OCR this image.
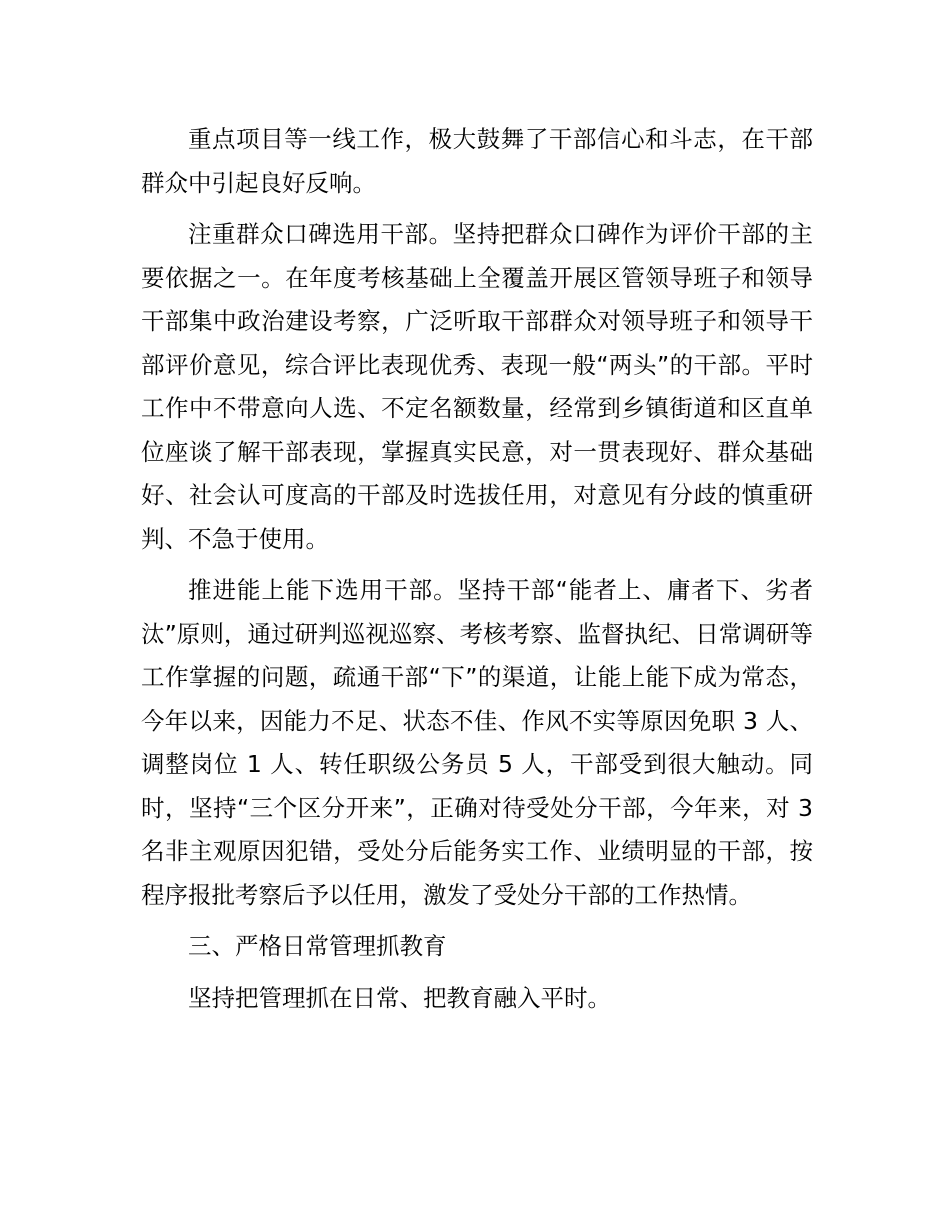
重点项目等一线工作，极大鼓舞了干部信心和斗志，在干部群众中引起良好反响。

注重群众口碑选用干部。坚持把群众口碑作为评价干部的主要依据之一。在年度考核基础上全覆盖开展区管领导班子和领导干部集中政治建设考察，广泛听取干部群众对领导班子和领导干部评价意见，综合评比表现优秀、表现一般“两头”的干部。平时工作中不带意向人选、不定名额数量，经常到乡镇街道和区直单位座谈了解干部表现，掌握真实民意，对一贯表现好、群众基础好、社会认可度高的干部及时选拔任用，对意见有分歧的慎重研判、不急于使用。

推进能上能下选用干部。坚持干部“能者上、庸者下、劣者汰”原则，通过研判巡视巡察、考核考察、监督执纪、日常调研等工作掌握的问题，疏通干部“下”的渠道，让能上能下成为常态，今年以来，因能力不足、状态不佳、作风不实等原因免职 3 人、调整岗位 1 人、转任职级公务员 5 人，干部受到很大触动。同时，坚持“三个区分开来”，正确对待受处分干部，今年来，对 3 名非主观原因犯错，受处分后能务实工作、业绩明显的干部，按程序报批考察后予以任用，激发了受处分干部的工作热情。

三、严格日常管理抓教育

坚持把管理抓在日常、把教育融入平时。
